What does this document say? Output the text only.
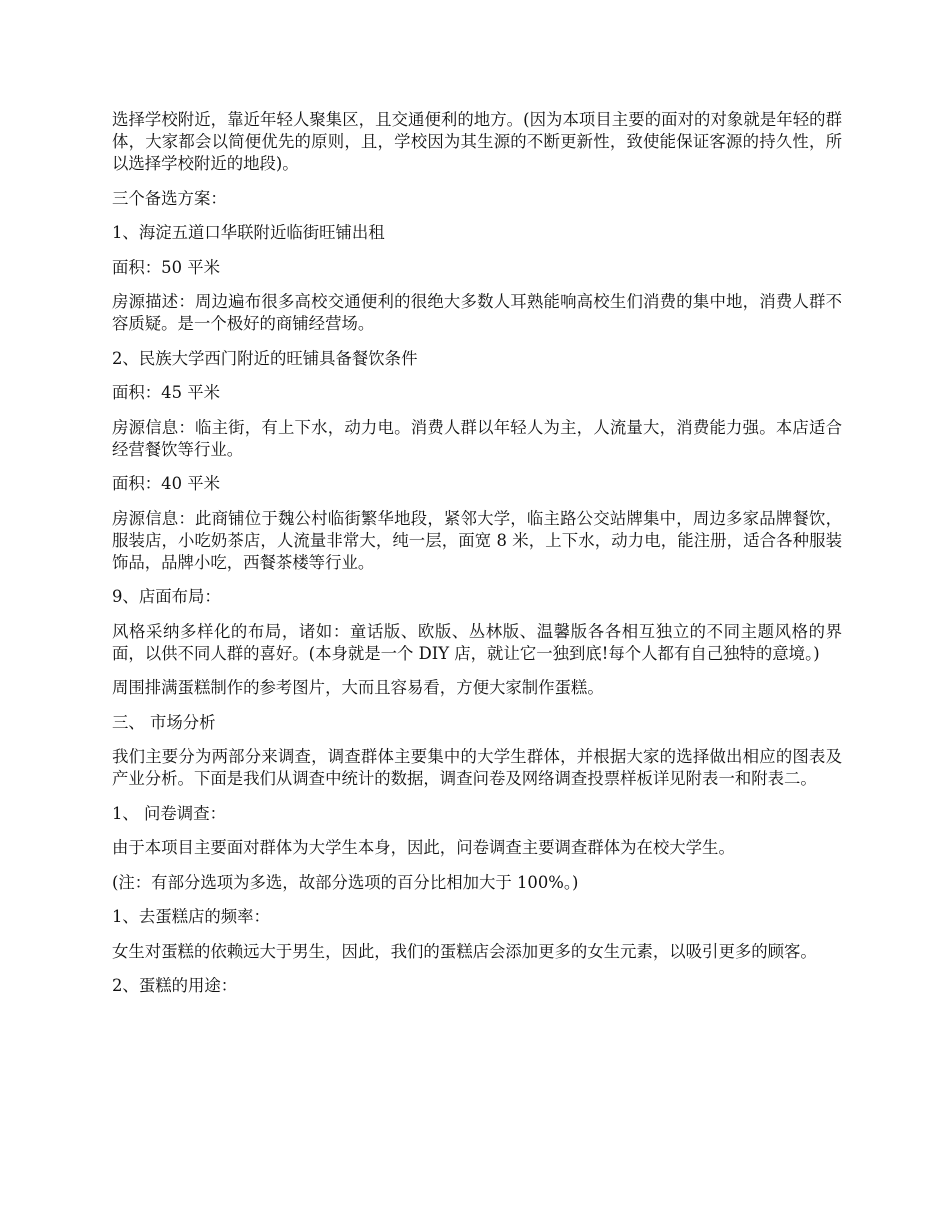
选择学校附近，靠近年轻人聚集区，且交通便利的地方。(因为本项目主要的面对的对象就是年轻的群体，大家都会以简便优先的原则，且，学校因为其生源的不断更新性，致使能保证客源的持久性，所以选择学校附近的地段)。

三个备选方案：

1、海淀五道口华联附近临街旺铺出租

面积：50 平米

房源描述：周边遍布很多高校交通便利的很绝大多数人耳熟能响高校生们消费的集中地，消费人群不容质疑。是一个极好的商铺经营场。

2、民族大学西门附近的旺铺具备餐饮条件

面积：45 平米

房源信息：临主街，有上下水，动力电。消费人群以年轻人为主，人流量大，消费能力强。本店适合经营餐饮等行业。

面积：40 平米

房源信息：此商铺位于魏公村临街繁华地段，紧邻大学，临主路公交站牌集中，周边多家品牌餐饮，服装店，小吃奶茶店，人流量非常大，纯一层，面宽 8 米，上下水，动力电，能注册，适合各种服装饰品，品牌小吃，西餐茶楼等行业。

9、店面布局：

风格采纳多样化的布局，诸如：童话版、欧版、丛林版、温馨版各各相互独立的不同主题风格的界面，以供不同人群的喜好。(本身就是一个 DIY 店，就让它一独到底!每个人都有自己独特的意境。)

周围排满蛋糕制作的参考图片，大而且容易看，方便大家制作蛋糕。

三、 市场分析

我们主要分为两部分来调查，调查群体主要集中的大学生群体，并根据大家的选择做出相应的图表及产业分析。下面是我们从调查中统计的数据，调查问卷及网络调查投票样板详见附表一和附表二。

1、 问卷调查：

由于本项目主要面对群体为大学生本身，因此，问卷调查主要调查群体为在校大学生。

(注：有部分选项为多选，故部分选项的百分比相加大于 100%。)

1、去蛋糕店的频率：

女生对蛋糕的依赖远大于男生，因此，我们的蛋糕店会添加更多的女生元素，以吸引更多的顾客。

2、蛋糕的用途：
